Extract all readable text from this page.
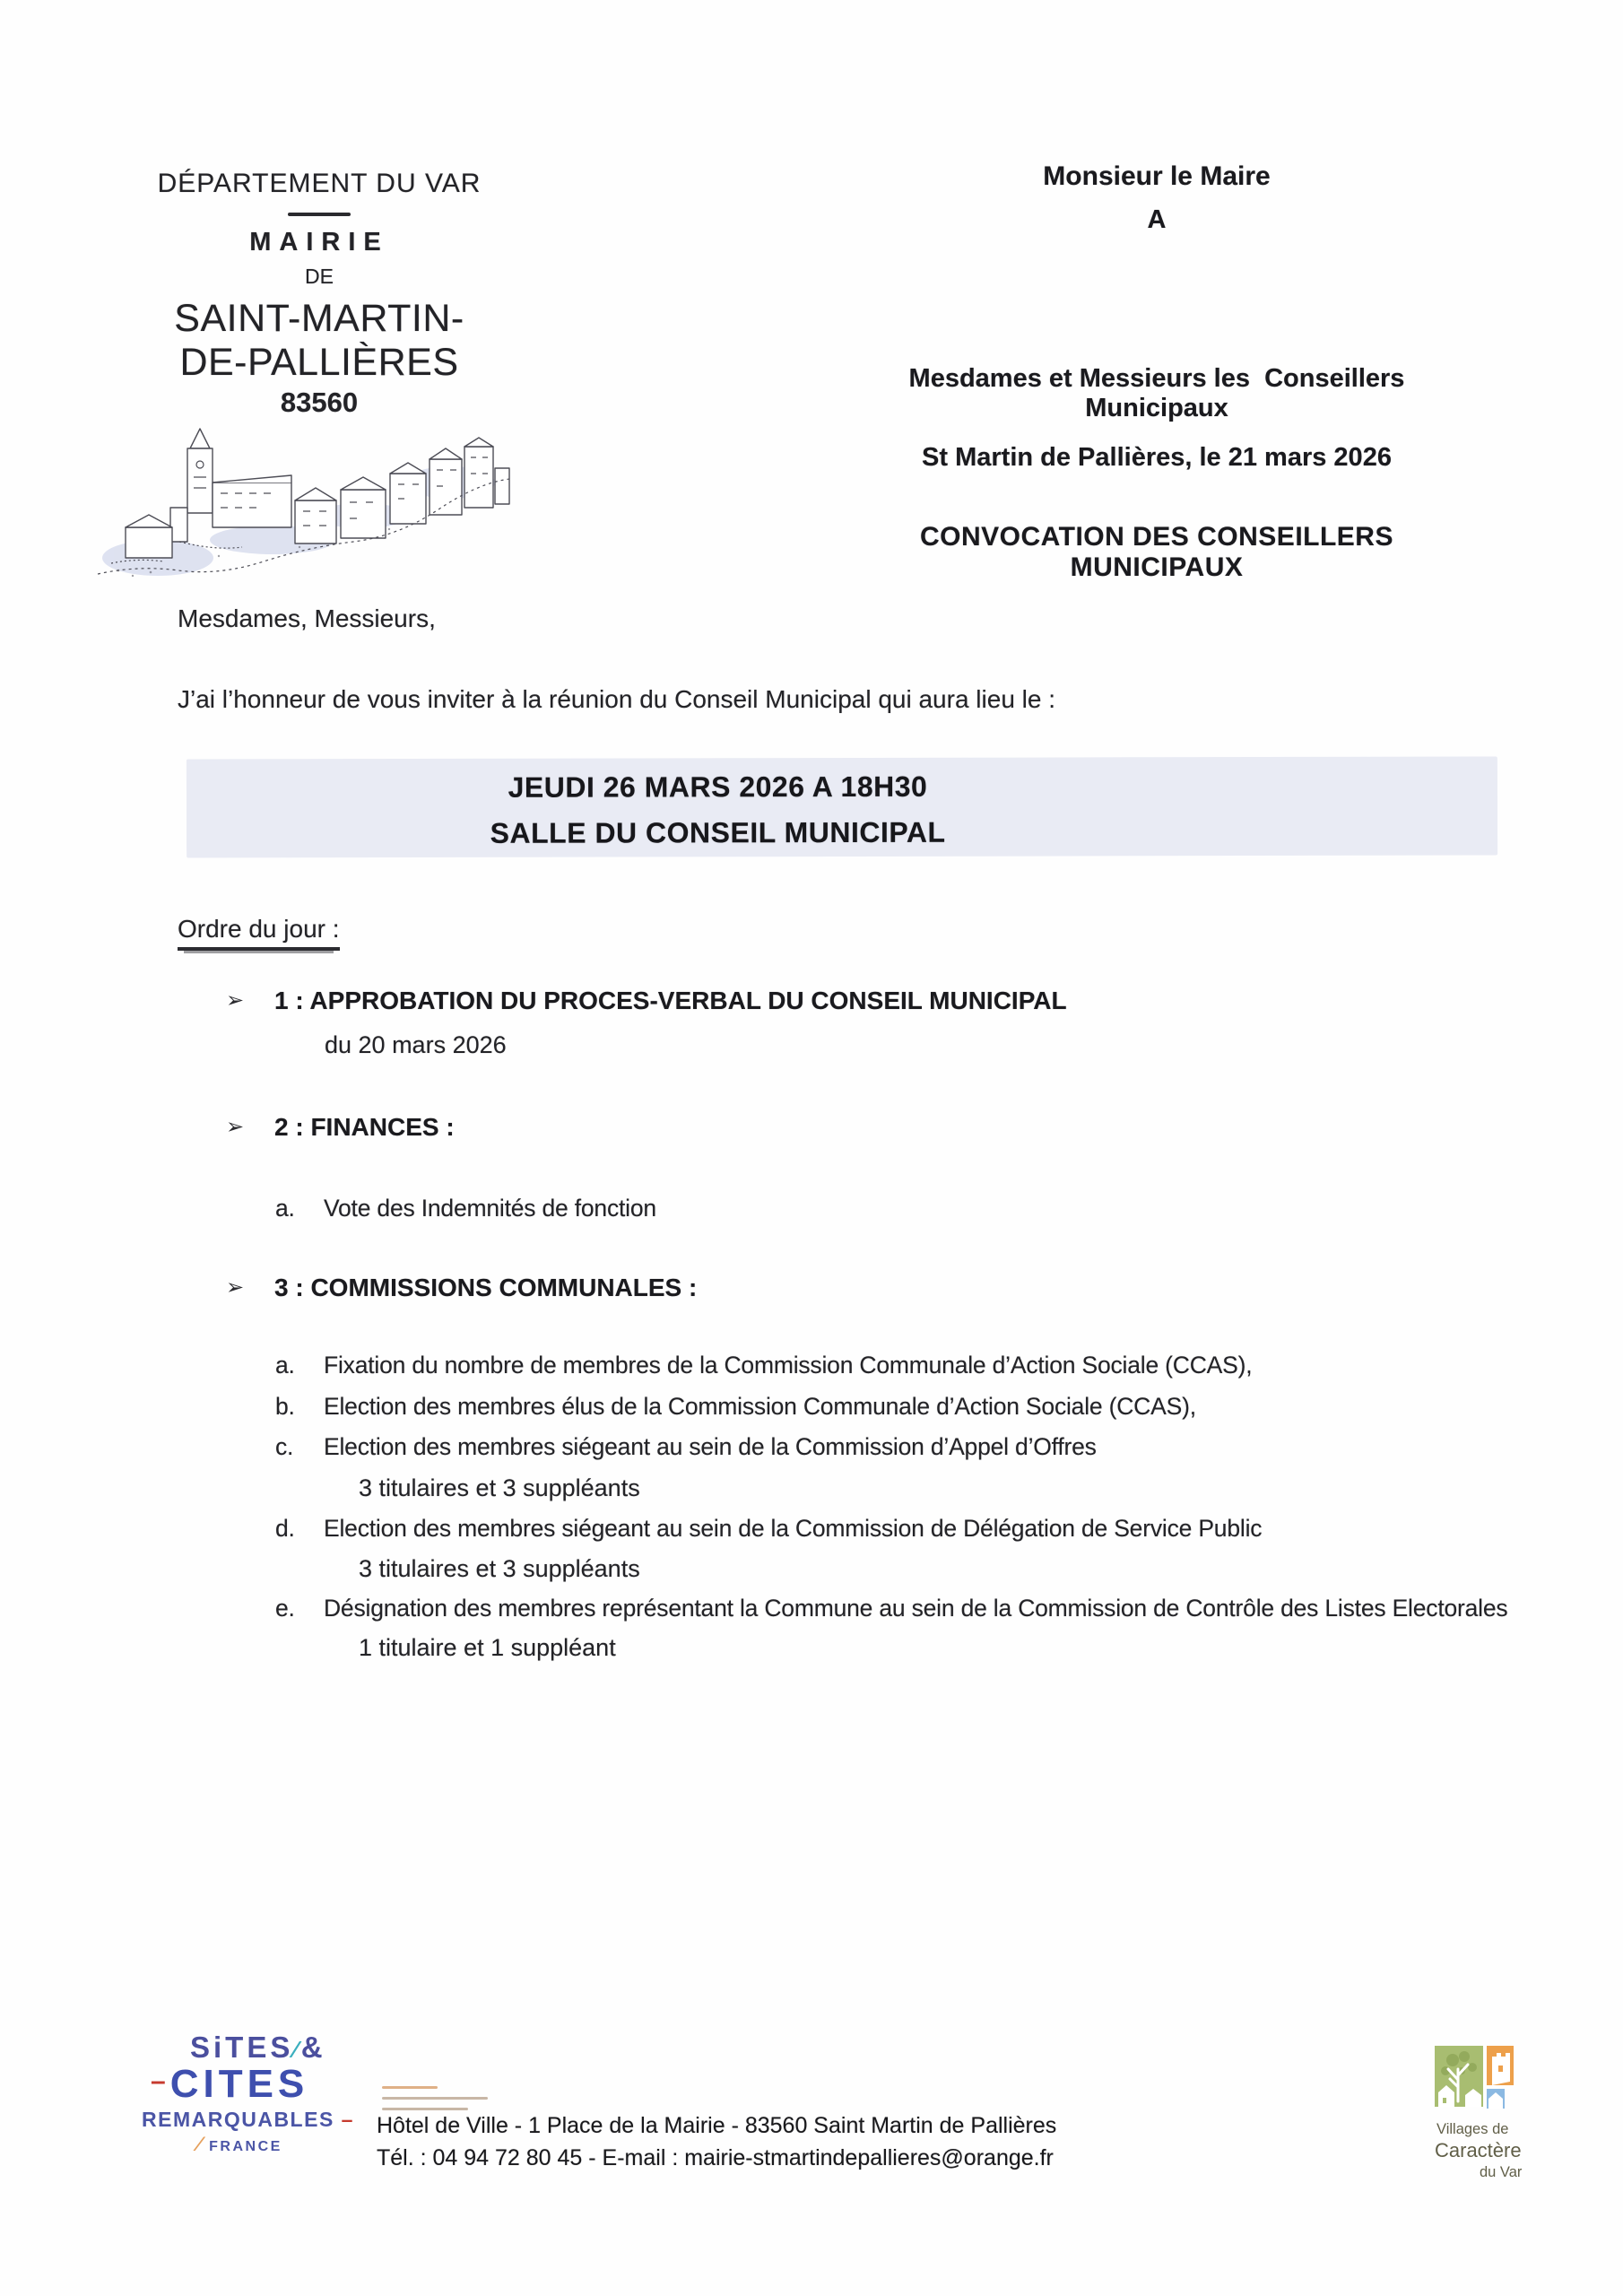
DÉPARTEMENT DU VAR
MAIRIE
DE
SAINT-MARTIN-
DE-PALLIÈRES
83560
Monsieur le Maire
A
Mesdames et Messieurs les  Conseillers Municipaux
St Martin de Pallières, le 21 mars 2026
CONVOCATION DES CONSEILLERS MUNICIPAUX
Mesdames, Messieurs,
J’ai l’honneur de vous inviter à la réunion du Conseil Municipal qui aura lieu le :
JEUDI 26 MARS 2026 A 18H30
SALLE DU CONSEIL MUNICIPAL
Ordre du jour :
➢ 1 : APPROBATION DU PROCES-VERBAL DU CONSEIL MUNICIPAL
du 20 mars 2026
➢ 2 : FINANCES :
a. Vote des Indemnités de fonction
➢ 3 : COMMISSIONS COMMUNALES :
a. Fixation du nombre de membres de la Commission Communale d’Action Sociale (CCAS),
b. Election des membres élus de la Commission Communale d’Action Sociale (CCAS),
c. Election des membres siégeant au sein de la Commission d’Appel d’Offres
3 titulaires et 3 suppléants
d. Election des membres siégeant au sein de la Commission de Délégation de Service Public
3 titulaires et 3 suppléants
e. Désignation des membres représentant la Commune au sein de la Commission de Contrôle des Listes Electorales
1 titulaire et 1 suppléant
SiTES⁄&
–CITES
REMARQUABLES –
⁄ FRANCE
Hôtel de Ville - 1 Place de la Mairie - 83560 Saint Martin de Pallières
Tél. : 04 94 72 80 45 - E-mail : mairie-stmartindepallieres@orange.fr
Villages de
Caractère
du Var
